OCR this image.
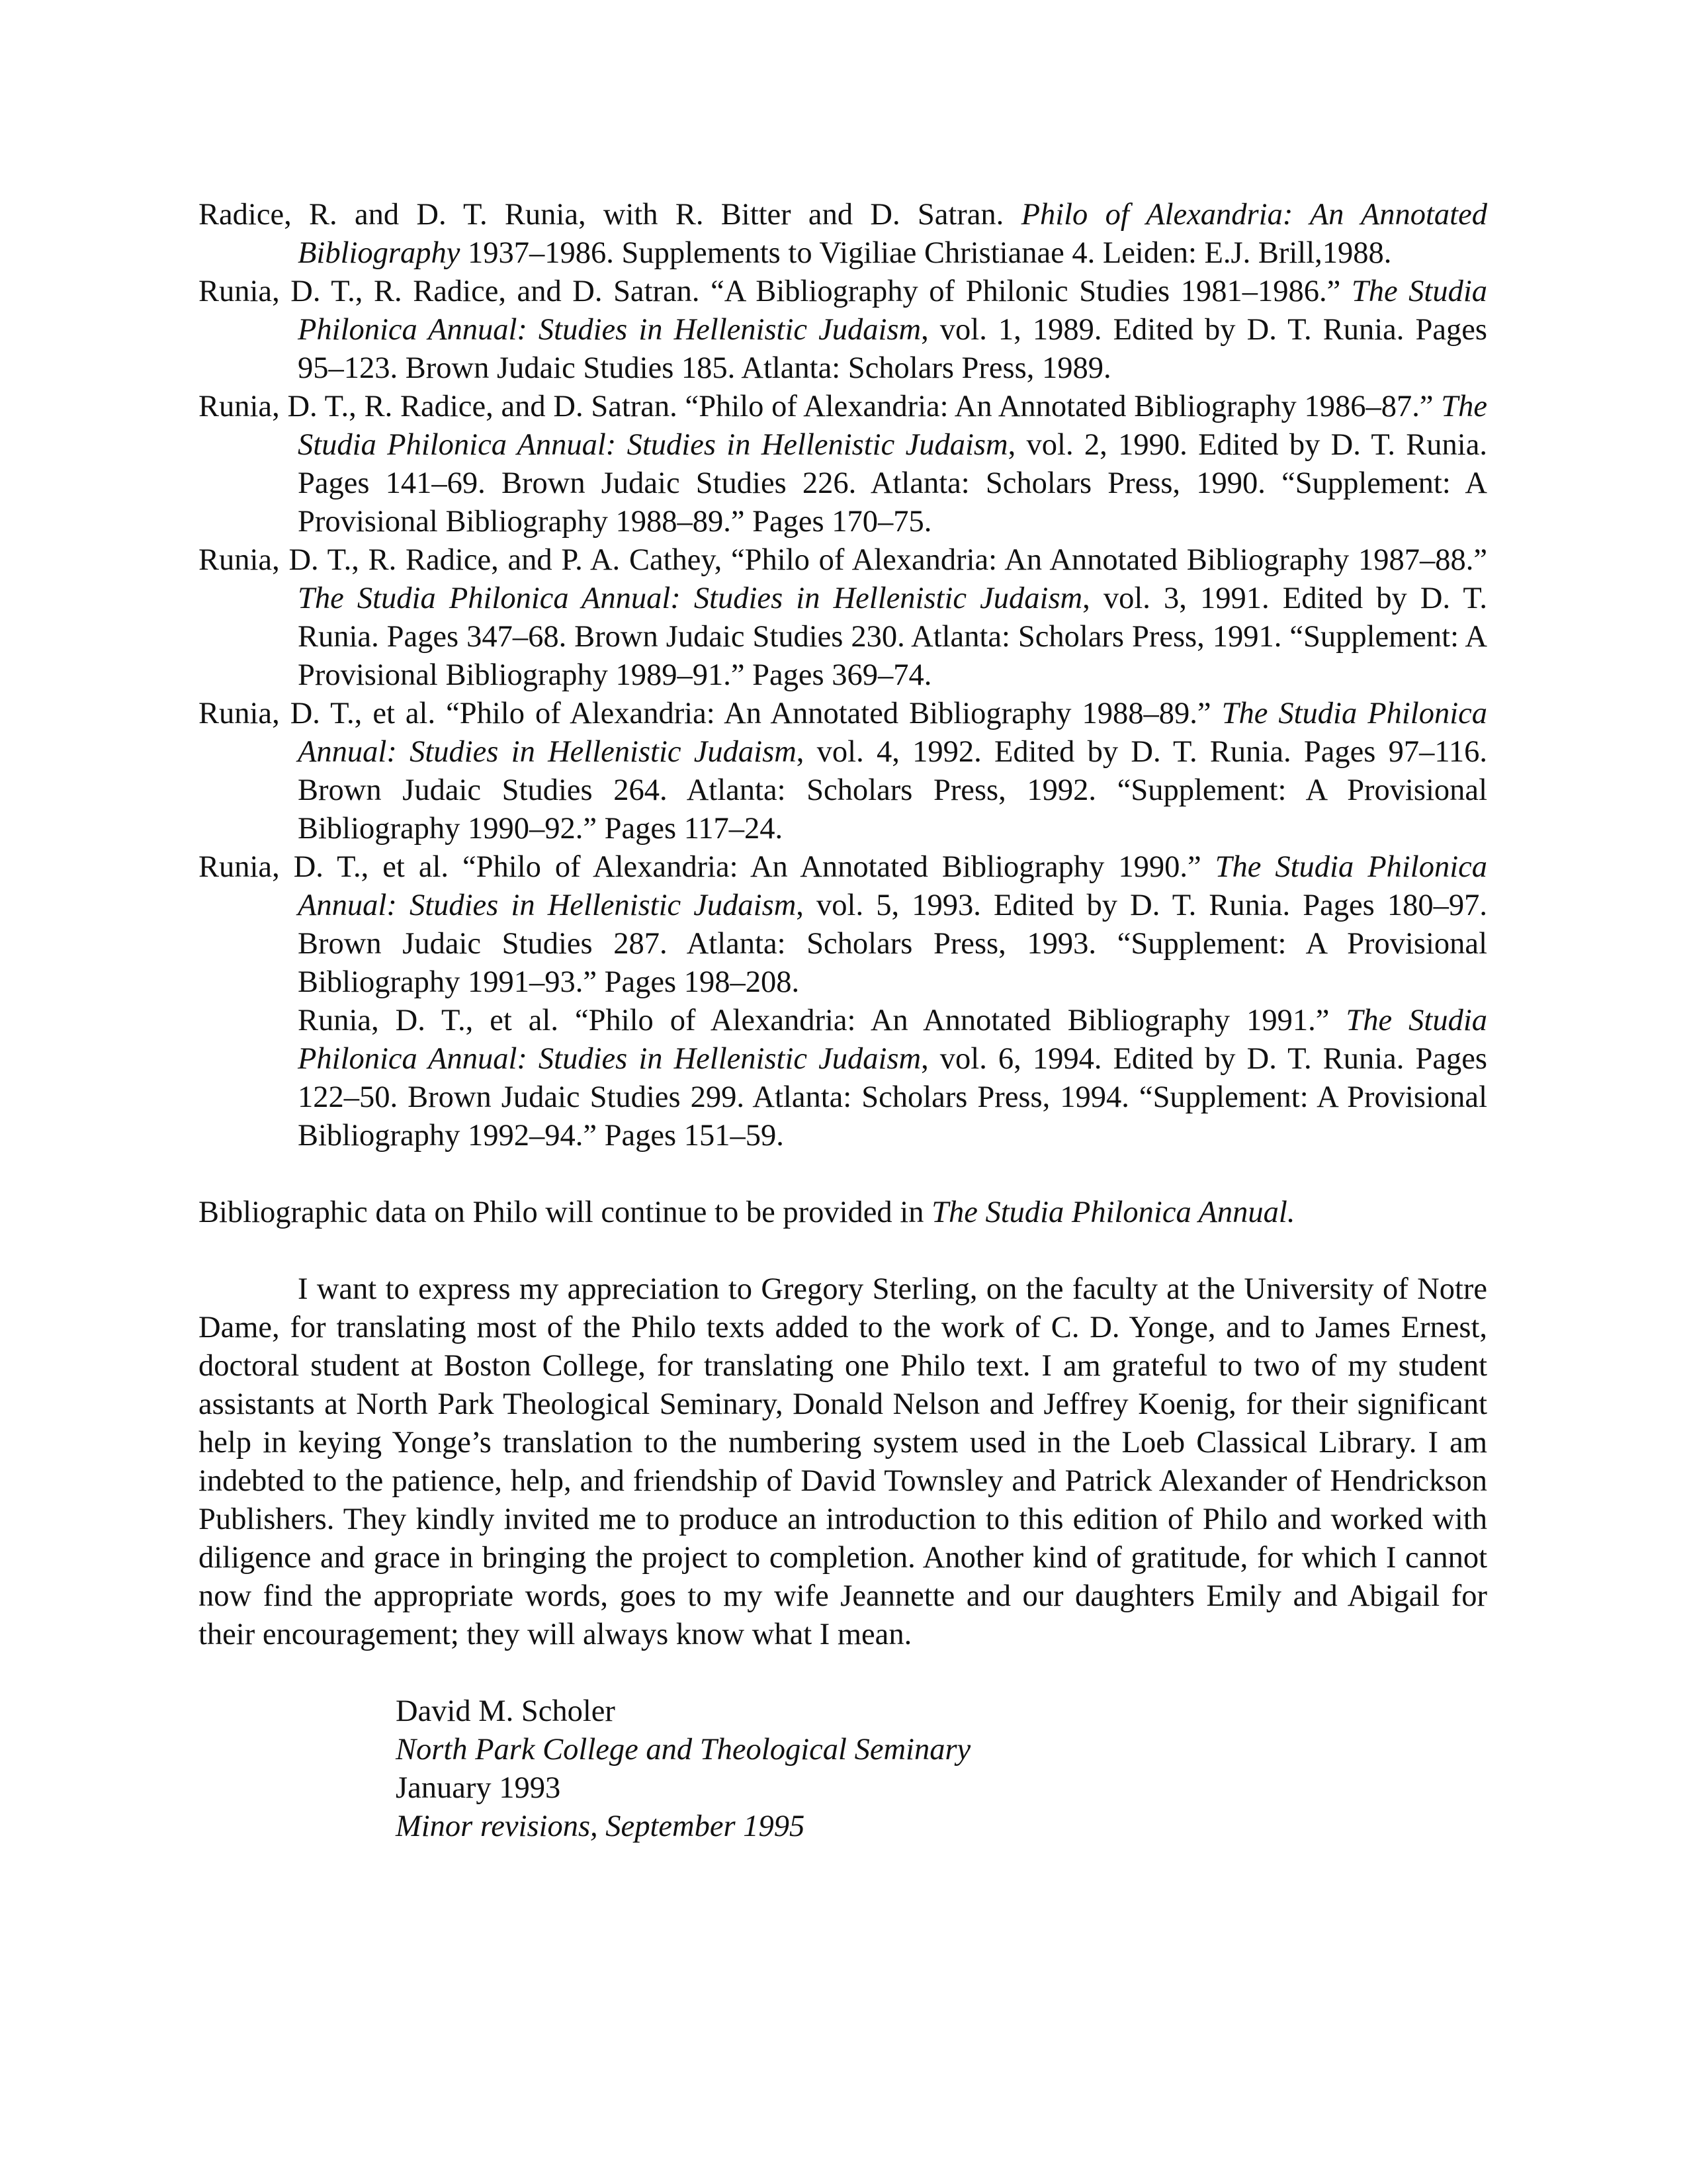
Radice, R. and D. T. Runia, with R. Bitter and D. Satran. Philo of Alexandria: An Annotated Bibliography 1937–1986. Supplements to Vigiliae Christianae 4. Leiden: E.J. Brill,1988.

Runia, D. T., R. Radice, and D. Satran. “A Bibliography of Philonic Studies 1981–1986.” The Studia Philonica Annual: Studies in Hellenistic Judaism, vol. 1, 1989. Edited by D. T. Runia. Pages 95–123. Brown Judaic Studies 185. Atlanta: Scholars Press, 1989.

Runia, D. T., R. Radice, and D. Satran. “Philo of Alexandria: An Annotated Bibliography 1986–87.” The Studia Philonica Annual: Studies in Hellenistic Judaism, vol. 2, 1990. Edited by D. T. Runia. Pages 141–69. Brown Judaic Studies 226. Atlanta: Scholars Press, 1990. “Supplement: A Provisional Bibliography 1988–89.” Pages 170–75.

Runia, D. T., R. Radice, and P. A. Cathey, “Philo of Alexandria: An Annotated Bibliography 1987–88.” The Studia Philonica Annual: Studies in Hellenistic Judaism, vol. 3, 1991. Edited by D. T. Runia. Pages 347–68. Brown Judaic Studies 230. Atlanta: Scholars Press, 1991. “Supplement: A Provisional Bibliography 1989–91.” Pages 369–74.

Runia, D. T., et al. “Philo of Alexandria: An Annotated Bibliography 1988–89.” The Studia Philonica Annual: Studies in Hellenistic Judaism, vol. 4, 1992. Edited by D. T. Runia. Pages 97–116. Brown Judaic Studies 264. Atlanta: Scholars Press, 1992. “Supplement: A Provisional Bibliography 1990–92.” Pages 117–24.

Runia, D. T., et al. “Philo of Alexandria: An Annotated Bibliography 1990.” The Studia Philonica Annual: Studies in Hellenistic Judaism, vol. 5, 1993. Edited by D. T. Runia. Pages 180–97. Brown Judaic Studies 287. Atlanta: Scholars Press, 1993. “Supplement: A Provisional Bibliography 1991–93.” Pages 198–208.

Runia, D. T., et al. “Philo of Alexandria: An Annotated Bibliography 1991.” The Studia Philonica Annual: Studies in Hellenistic Judaism, vol. 6, 1994. Edited by D. T. Runia. Pages 122–50. Brown Judaic Studies 299. Atlanta: Scholars Press, 1994. “Supplement: A Provisional Bibliography 1992–94.” Pages 151–59.

Bibliographic data on Philo will continue to be provided in The Studia Philonica Annual.

I want to express my appreciation to Gregory Sterling, on the faculty at the University of Notre Dame, for translating most of the Philo texts added to the work of C. D. Yonge, and to James Ernest, doctoral student at Boston College, for translating one Philo text. I am grateful to two of my student assistants at North Park Theological Seminary, Donald Nelson and Jeffrey Koenig, for their significant help in keying Yonge’s translation to the numbering system used in the Loeb Classical Library. I am indebted to the patience, help, and friendship of David Townsley and Patrick Alexander of Hendrickson Publishers. They kindly invited me to produce an introduction to this edition of Philo and worked with diligence and grace in bringing the project to completion. Another kind of gratitude, for which I cannot now find the appropriate words, goes to my wife Jeannette and our daughters Emily and Abigail for their encouragement; they will always know what I mean.

David M. Scholer
North Park College and Theological Seminary
January 1993
Minor revisions, September 1995
